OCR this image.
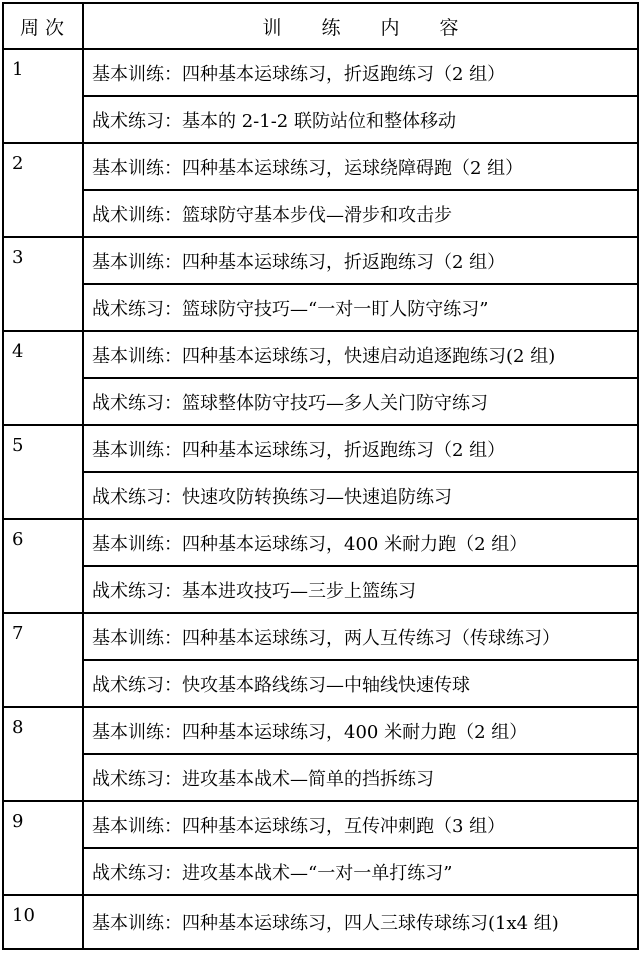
周次	训 练 内 容
1	基本训练：四种基本运球练习，折返跑练习（2 组）
	战术练习：基本的 2-1-2 联防站位和整体移动
2	基本训练：四种基本运球练习，运球绕障碍跑（2 组）
	战术训练：篮球防守基本步伐—滑步和攻击步
3	基本训练：四种基本运球练习，折返跑练习（2 组）
	战术练习：篮球防守技巧—“一对一盯人防守练习”
4	基本训练：四种基本运球练习，快速启动追逐跑练习(2 组)
	战术练习：篮球整体防守技巧—多人关门防守练习
5	基本训练：四种基本运球练习，折返跑练习（2 组）
	战术练习：快速攻防转换练习—快速追防练习
6	基本训练：四种基本运球练习，400 米耐力跑（2 组）
	战术练习：基本进攻技巧—三步上篮练习
7	基本训练：四种基本运球练习，两人互传练习（传球练习）
	战术练习：快攻基本路线练习—中轴线快速传球
8	基本训练：四种基本运球练习，400 米耐力跑（2 组）
	战术练习：进攻基本战术—简单的挡拆练习
9	基本训练：四种基本运球练习，互传冲刺跑（3 组）
	战术练习：进攻基本战术—“一对一单打练习”
10	基本训练：四种基本运球练习，四人三球传球练习(1x4 组)
